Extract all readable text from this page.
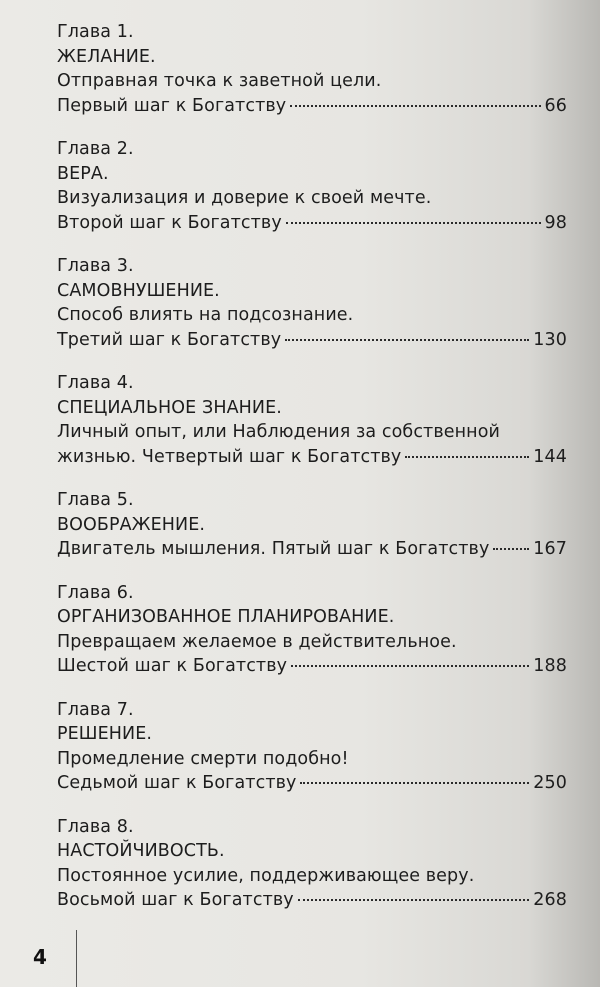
Глава 1.
ЖЕЛАНИЕ.
Отправная точка к заветной цели.
Первый шаг к Богатству	66
Глава 2.
ВЕРА.
Визуализация и доверие к своей мечте.
Второй шаг к Богатству	98
Глава 3.
САМОВНУШЕНИЕ.
Способ влиять на подсознание.
Третий шаг к Богатству	130
Глава 4.
СПЕЦИАЛЬНОЕ ЗНАНИЕ.
Личный опыт, или Наблюдения за собственной
жизнью. Четвертый шаг к Богатству	144
Глава 5.
ВООБРАЖЕНИЕ.
Двигатель мышления. Пятый шаг к Богатству	167
Глава 6.
ОРГАНИЗОВАННОЕ ПЛАНИРОВАНИЕ.
Превращаем желаемое в действительное.
Шестой шаг к Богатству	188
Глава 7.
РЕШЕНИЕ.
Промедление смерти подобно!
Седьмой шаг к Богатству	250
Глава 8.
НАСТОЙЧИВОСТЬ.
Постоянное усилие, поддерживающее веру.
Восьмой шаг к Богатству	268
4
